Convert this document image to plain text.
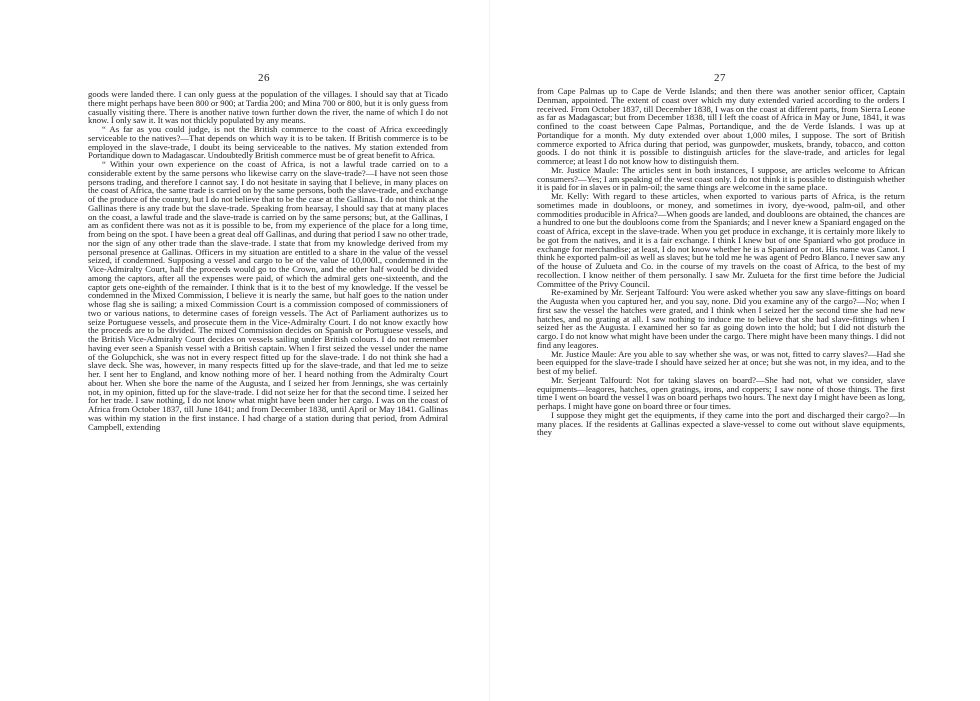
26

goods were landed there. I can only guess at the population of the villages. I should say that at Ticado there might perhaps have been 800 or 900; at Tardia 200; and Mina 700 or 800, but it is only guess from casually visiting there. There is another native town further down the river, the name of which I do not know. I only saw it. It was not thickly populated by any means.

“ As far as you could judge, is not the British commerce to the coast of Africa exceedingly serviceable to the natives?—That depends on which way it is to be taken. If British commerce is to be employed in the slave-trade, I doubt its being serviceable to the natives. My station extended from Portandique down to Madagascar. Undoubtedly British commerce must be of great benefit to Africa.

“ Within your own experience on the coast of Africa, is not a lawful trade carried on to a considerable extent by the same persons who likewise carry on the slave-trade?—I have not seen those persons trading, and therefore I cannot say. I do not hesitate in saying that I believe, in many places on the coast of Africa, the same trade is carried on by the same persons, both the slave-trade, and exchange of the produce of the country, but I do not believe that to be the case at the Gallinas. I do not think at the Gallinas there is any trade but the slave-trade. Speaking from hearsay, I should say that at many places on the coast, a lawful trade and the slave-trade is carried on by the same persons; but, at the Gallinas, I am as confident there was not as it is possible to be, from my experience of the place for a long time, from being on the spot. I have been a great deal off Gallinas, and during that period I saw no other trade, nor the sign of any other trade than the slave-trade. I state that from my knowledge derived from my personal presence at Gallinas. Officers in my situation are entitled to a share in the value of the vessel seized, if condemned. Supposing a vessel and cargo to be of the value of 10,000l., condemned in the Vice-Admiralty Court, half the proceeds would go to the Crown, and the other half would be divided among the captors, after all the expenses were paid, of which the admiral gets one-sixteenth, and the captor gets one-eighth of the remainder. I think that is it to the best of my knowledge. If the vessel be condemned in the Mixed Commission, I believe it is nearly the same, but half goes to the nation under whose flag she is sailing; a mixed Commission Court is a commission composed of commissioners of two or various nations, to determine cases of foreign vessels. The Act of Parliament authorizes us to seize Portuguese vessels, and prosecute them in the Vice-Admiralty Court. I do not know exactly how the proceeds are to be divided. The mixed Commission decides on Spanish or Portuguese vessels, and the British Vice-Admiralty Court decides on vessels sailing under British colours. I do not remember having ever seen a Spanish vessel with a British captain. When I first seized the vessel under the name of the Golupchick, she was not in every respect fitted up for the slave-trade. I do not think she had a slave deck. She was, however, in many respects fitted up for the slave-trade, and that led me to seize her. I sent her to England, and know nothing more of her. I heard nothing from the Admiralty Court about her. When she bore the name of the Augusta, and I seized her from Jennings, she was certainly not, in my opinion, fitted up for the slave-trade. I did not seize her for that the second time. I seized her for her trade. I saw nothing, I do not know what might have been under her cargo. I was on the coast of Africa from October 1837, till June 1841; and from December 1838, until April or May 1841. Gallinas was within my station in the first instance. I had charge of a station during that period, from Admiral Campbell, extending

27

from Cape Palmas up to Cape de Verde Islands; and then there was another senior officer, Captain Denman, appointed. The extent of coast over which my duty extended varied according to the orders I received. From October 1837, till December 1838, I was on the coast at different parts, from Sierra Leone as far as Madagascar; but from December 1838, till I left the coast of Africa in May or June, 1841, it was confined to the coast between Cape Palmas, Portandique, and the de Verde Islands. I was up at Portandique for a month. My duty extended over about 1,000 miles, I suppose. The sort of British commerce exported to Africa during that period, was gunpowder, muskets, brandy, tobacco, and cotton goods. I do not think it is possible to distinguish articles for the slave-trade, and articles for legal commerce; at least I do not know how to distinguish them.

Mr. Justice Maule: The articles sent in both instances, I suppose, are articles welcome to African consumers?—Yes; I am speaking of the west coast only. I do not think it is possible to distinguish whether it is paid for in slaves or in palm-oil; the same things are welcome in the same place.

Mr. Kelly: With regard to these articles, when exported to various parts of Africa, is the return sometimes made in doubloons, or money, and sometimes in ivory, dye-wood, palm-oil, and other commodities producible in Africa?—When goods are landed, and doubloons are obtained, the chances are a hundred to one but the doubloons come from the Spaniards; and I never knew a Spaniard engaged on the coast of Africa, except in the slave-trade. When you get produce in exchange, it is certainly more likely to be got from the natives, and it is a fair exchange. I think I knew but of one Spaniard who got produce in exchange for merchandise; at least, I do not know whether he is a Spaniard or not. His name was Canot. I think he exported palm-oil as well as slaves; but he told me he was agent of Pedro Blanco. I never saw any of the house of Zulueta and Co. in the course of my travels on the coast of Africa, to the best of my recollection. I know neither of them personally. I saw Mr. Zulueta for the first time before the Judicial Committee of the Privy Council.

Re-examined by Mr. Serjeant Talfourd: You were asked whether you saw any slave-fittings on board the Augusta when you captured her, and you say, none. Did you examine any of the cargo?—No; when I first saw the vessel the hatches were grated, and I think when I seized her the second time she had new hatches, and no grating at all. I saw nothing to induce me to believe that she had slave-fittings when I seized her as the Augusta. I examined her so far as going down into the hold; but I did not disturb the cargo. I do not know what might have been under the cargo. There might have been many things. I did not find any leagores.

Mr. Justice Maule: Are you able to say whether she was, or was not, fitted to carry slaves?—Had she been equipped for the slave-trade I should have seized her at once; but she was not, in my idea, and to the best of my belief.

Mr. Serjeant Talfourd: Not for taking slaves on board?—She had not, what we consider, slave equipments—leagores, hatches, open gratings, irons, and coppers; I saw none of those things. The first time I went on board the vessel I was on board perhaps two hours. The next day I might have been as long, perhaps. I might have gone on board three or four times.

I suppose they might get the equipments, if they came into the port and discharged their cargo?—In many places. If the residents at Gallinas expected a slave-vessel to come out without slave equipments, they
